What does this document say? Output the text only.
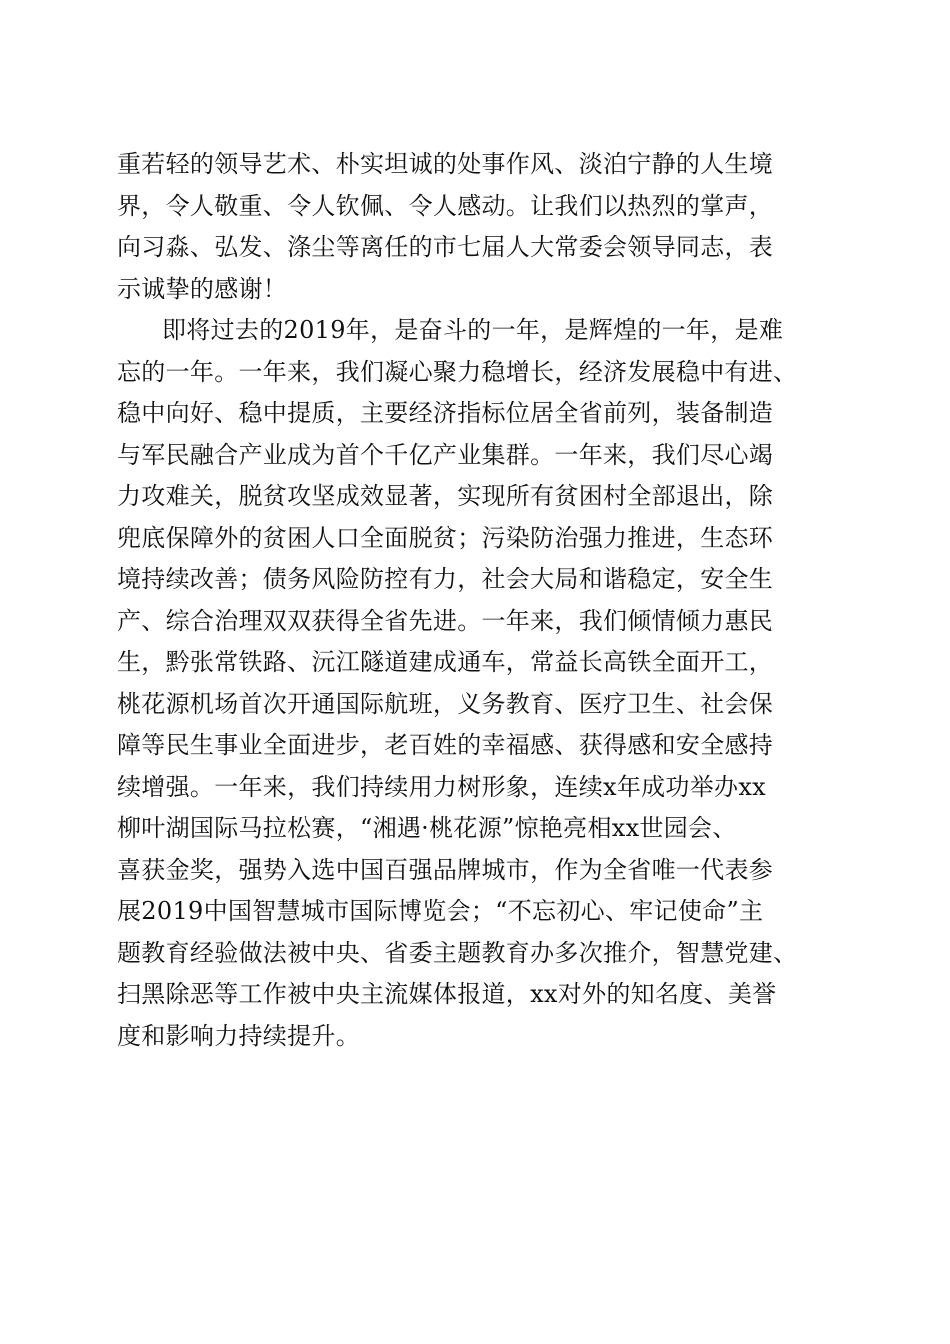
重若轻的领导艺术、朴实坦诚的处事作风、淡泊宁静的人生境
界，令人敬重、令人钦佩、令人感动。让我们以热烈的掌声，
向习淼、弘发、涤尘等离任的市七届人大常委会领导同志，表
示诚挚的感谢！
即将过去的2019年，是奋斗的一年，是辉煌的一年，是难
忘的一年。一年来，我们凝心聚力稳增长，经济发展稳中有进、
稳中向好、稳中提质，主要经济指标位居全省前列，装备制造
与军民融合产业成为首个千亿产业集群。一年来，我们尽心竭
力攻难关，脱贫攻坚成效显著，实现所有贫困村全部退出，除
兜底保障外的贫困人口全面脱贫；污染防治强力推进，生态环
境持续改善；债务风险防控有力，社会大局和谐稳定，安全生
产、综合治理双双获得全省先进。一年来，我们倾情倾力惠民
生，黔张常铁路、沅江隧道建成通车，常益长高铁全面开工，
桃花源机场首次开通国际航班，义务教育、医疗卫生、社会保
障等民生事业全面进步，老百姓的幸福感、获得感和安全感持
续增强。一年来，我们持续用力树形象，连续x年成功举办xx
柳叶湖国际马拉松赛，“湘遇·桃花源”惊艳亮相xx世园会、
喜获金奖，强势入选中国百强品牌城市，作为全省唯一代表参
展2019中国智慧城市国际博览会；“不忘初心、牢记使命”主
题教育经验做法被中央、省委主题教育办多次推介，智慧党建、
扫黑除恶等工作被中央主流媒体报道，xx对外的知名度、美誉
度和影响力持续提升。
